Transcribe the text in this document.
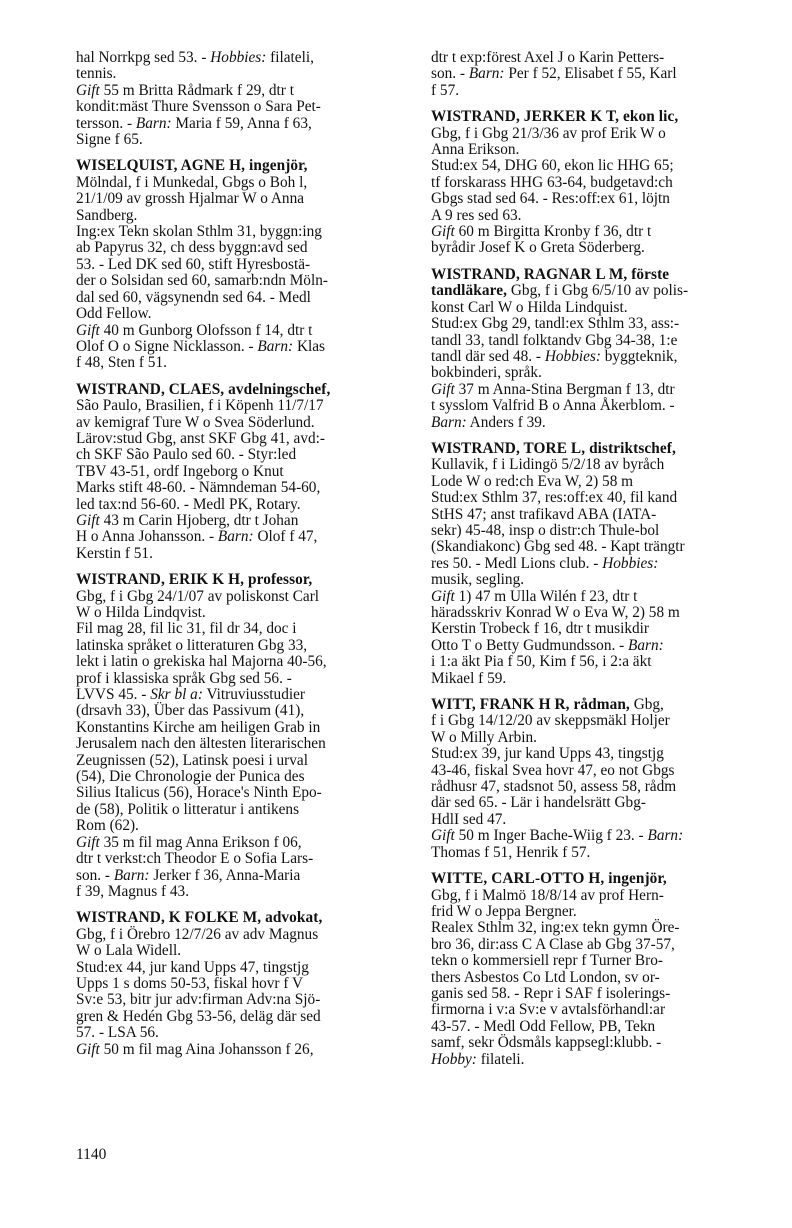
hal Norrkpg sed 53. - Hobbies: filateli,
tennis.
Gift 55 m Britta Rådmark f 29, dtr t
kondit:mäst Thure Svensson o Sara Pet-
tersson. - Barn: Maria f 59, Anna f 63,
Signe f 65.
WISELQUIST, AGNE H, ingenjör,
Mölndal, f i Munkedal, Gbgs o Boh l,
21/1/09 av grossh Hjalmar W o Anna
Sandberg.
Ing:ex Tekn skolan Sthlm 31, byggn:ing
ab Papyrus 32, ch dess byggn:avd sed
53. - Led DK sed 60, stift Hyresbostä-
der o Solsidan sed 60, samarb:ndn Möln-
dal sed 60, vägsynendn sed 64. - Medl
Odd Fellow.
Gift 40 m Gunborg Olofsson f 14, dtr t
Olof O o Signe Nicklasson. - Barn: Klas
f 48, Sten f 51.
WISTRAND, CLAES, avdelningschef,
São Paulo, Brasilien, f i Köpenh 11/7/17
av kemigraf Ture W o Svea Söderlund.
Lärov:stud Gbg, anst SKF Gbg 41, avd:-
ch SKF São Paulo sed 60. - Styr:led
TBV 43-51, ordf Ingeborg o Knut
Marks stift 48-60. - Nämndeman 54-60,
led tax:nd 56-60. - Medl PK, Rotary.
Gift 43 m Carin Hjoberg, dtr t Johan
H o Anna Johansson. - Barn: Olof f 47,
Kerstin f 51.
WISTRAND, ERIK K H, professor,
Gbg, f i Gbg 24/1/07 av poliskonst Carl
W o Hilda Lindqvist.
Fil mag 28, fil lic 31, fil dr 34, doc i
latinska språket o litteraturen Gbg 33,
lekt i latin o grekiska hal Majorna 40-56,
prof i klassiska språk Gbg sed 56. -
LVVS 45. - Skr bl a: Vitruviusstudier
(drsavh 33), Über das Passivum (41),
Konstantins Kirche am heiligen Grab in
Jerusalem nach den ältesten literarischen
Zeugnissen (52), Latinsk poesi i urval
(54), Die Chronologie der Punica des
Silius Italicus (56), Horace's Ninth Epo-
de (58), Politik o litteratur i antikens
Rom (62).
Gift 35 m fil mag Anna Erikson f 06,
dtr t verkst:ch Theodor E o Sofia Lars-
son. - Barn: Jerker f 36, Anna-Maria
f 39, Magnus f 43.
WISTRAND, K FOLKE M, advokat,
Gbg, f i Örebro 12/7/26 av adv Magnus
W o Lala Widell.
Stud:ex 44, jur kand Upps 47, tingstjg
Upps 1 s doms 50-53, fiskal hovr f V
Sv:e 53, bitr jur adv:firman Adv:na Sjö-
gren & Hedén Gbg 53-56, deläg där sed
57. - LSA 56.
Gift 50 m fil mag Aina Johansson f 26,
dtr t exp:förest Axel J o Karin Petters-
son. - Barn: Per f 52, Elisabet f 55, Karl
f 57.
WISTRAND, JERKER K T, ekon lic,
Gbg, f i Gbg 21/3/36 av prof Erik W o
Anna Erikson.
Stud:ex 54, DHG 60, ekon lic HHG 65;
tf forskarass HHG 63-64, budgetavd:ch
Gbgs stad sed 64. - Res:off:ex 61, löjtn
A 9 res sed 63.
Gift 60 m Birgitta Kronby f 36, dtr t
byrådir Josef K o Greta Söderberg.
WISTRAND, RAGNAR L M, förste
tandläkare, Gbg, f i Gbg 6/5/10 av polis-
konst Carl W o Hilda Lindquist.
Stud:ex Gbg 29, tandl:ex Sthlm 33, ass:-
tandl 33, tandl folktandv Gbg 34-38, 1:e
tandl där sed 48. - Hobbies: byggteknik,
bokbinderi, språk.
Gift 37 m Anna-Stina Bergman f 13, dtr
t sysslom Valfrid B o Anna Åkerblom. -
Barn: Anders f 39.
WISTRAND, TORE L, distriktschef,
Kullavik, f i Lidingö 5/2/18 av byråch
Lode W o red:ch Eva W, 2) 58 m
Stud:ex Sthlm 37, res:off:ex 40, fil kand
StHS 47; anst trafikavd ABA (IATA-
sekr) 45-48, insp o distr:ch Thule-bol
(Skandiakonc) Gbg sed 48. - Kapt trängtr
res 50. - Medl Lions club. - Hobbies:
musik, segling.
Gift 1) 47 m Ulla Wilén f 23, dtr t
häradsskriv Konrad W o Eva W, 2) 58 m
Kerstin Trobeck f 16, dtr t musikdir
Otto T o Betty Gudmundsson. - Barn:
i 1:a äkt Pia f 50, Kim f 56, i 2:a äkt
Mikael f 59.
WITT, FRANK H R, rådman, Gbg,
f i Gbg 14/12/20 av skeppsmäkl Holjer
W o Milly Arbin.
Stud:ex 39, jur kand Upps 43, tingstjg
43-46, fiskal Svea hovr 47, eo not Gbgs
rådhusr 47, stadsnot 50, assess 58, rådm
där sed 65. - Lär i handelsrätt Gbg-
HdlI sed 47.
Gift 50 m Inger Bache-Wiig f 23. - Barn:
Thomas f 51, Henrik f 57.
WITTE, CARL-OTTO H, ingenjör,
Gbg, f i Malmö 18/8/14 av prof Hern-
frid W o Jeppa Bergner.
Realex Sthlm 32, ing:ex tekn gymn Öre-
bro 36, dir:ass C A Clase ab Gbg 37-57,
tekn o kommersiell repr f Turner Bro-
thers Asbestos Co Ltd London, sv or-
ganis sed 58. - Repr i SAF f isolerings-
firmorna i v:a Sv:e v avtalsförhandl:ar
43-57. - Medl Odd Fellow, PB, Tekn
samf, sekr Ödsmåls kappsegl:klubb. -
Hobby: filateli.
1140
